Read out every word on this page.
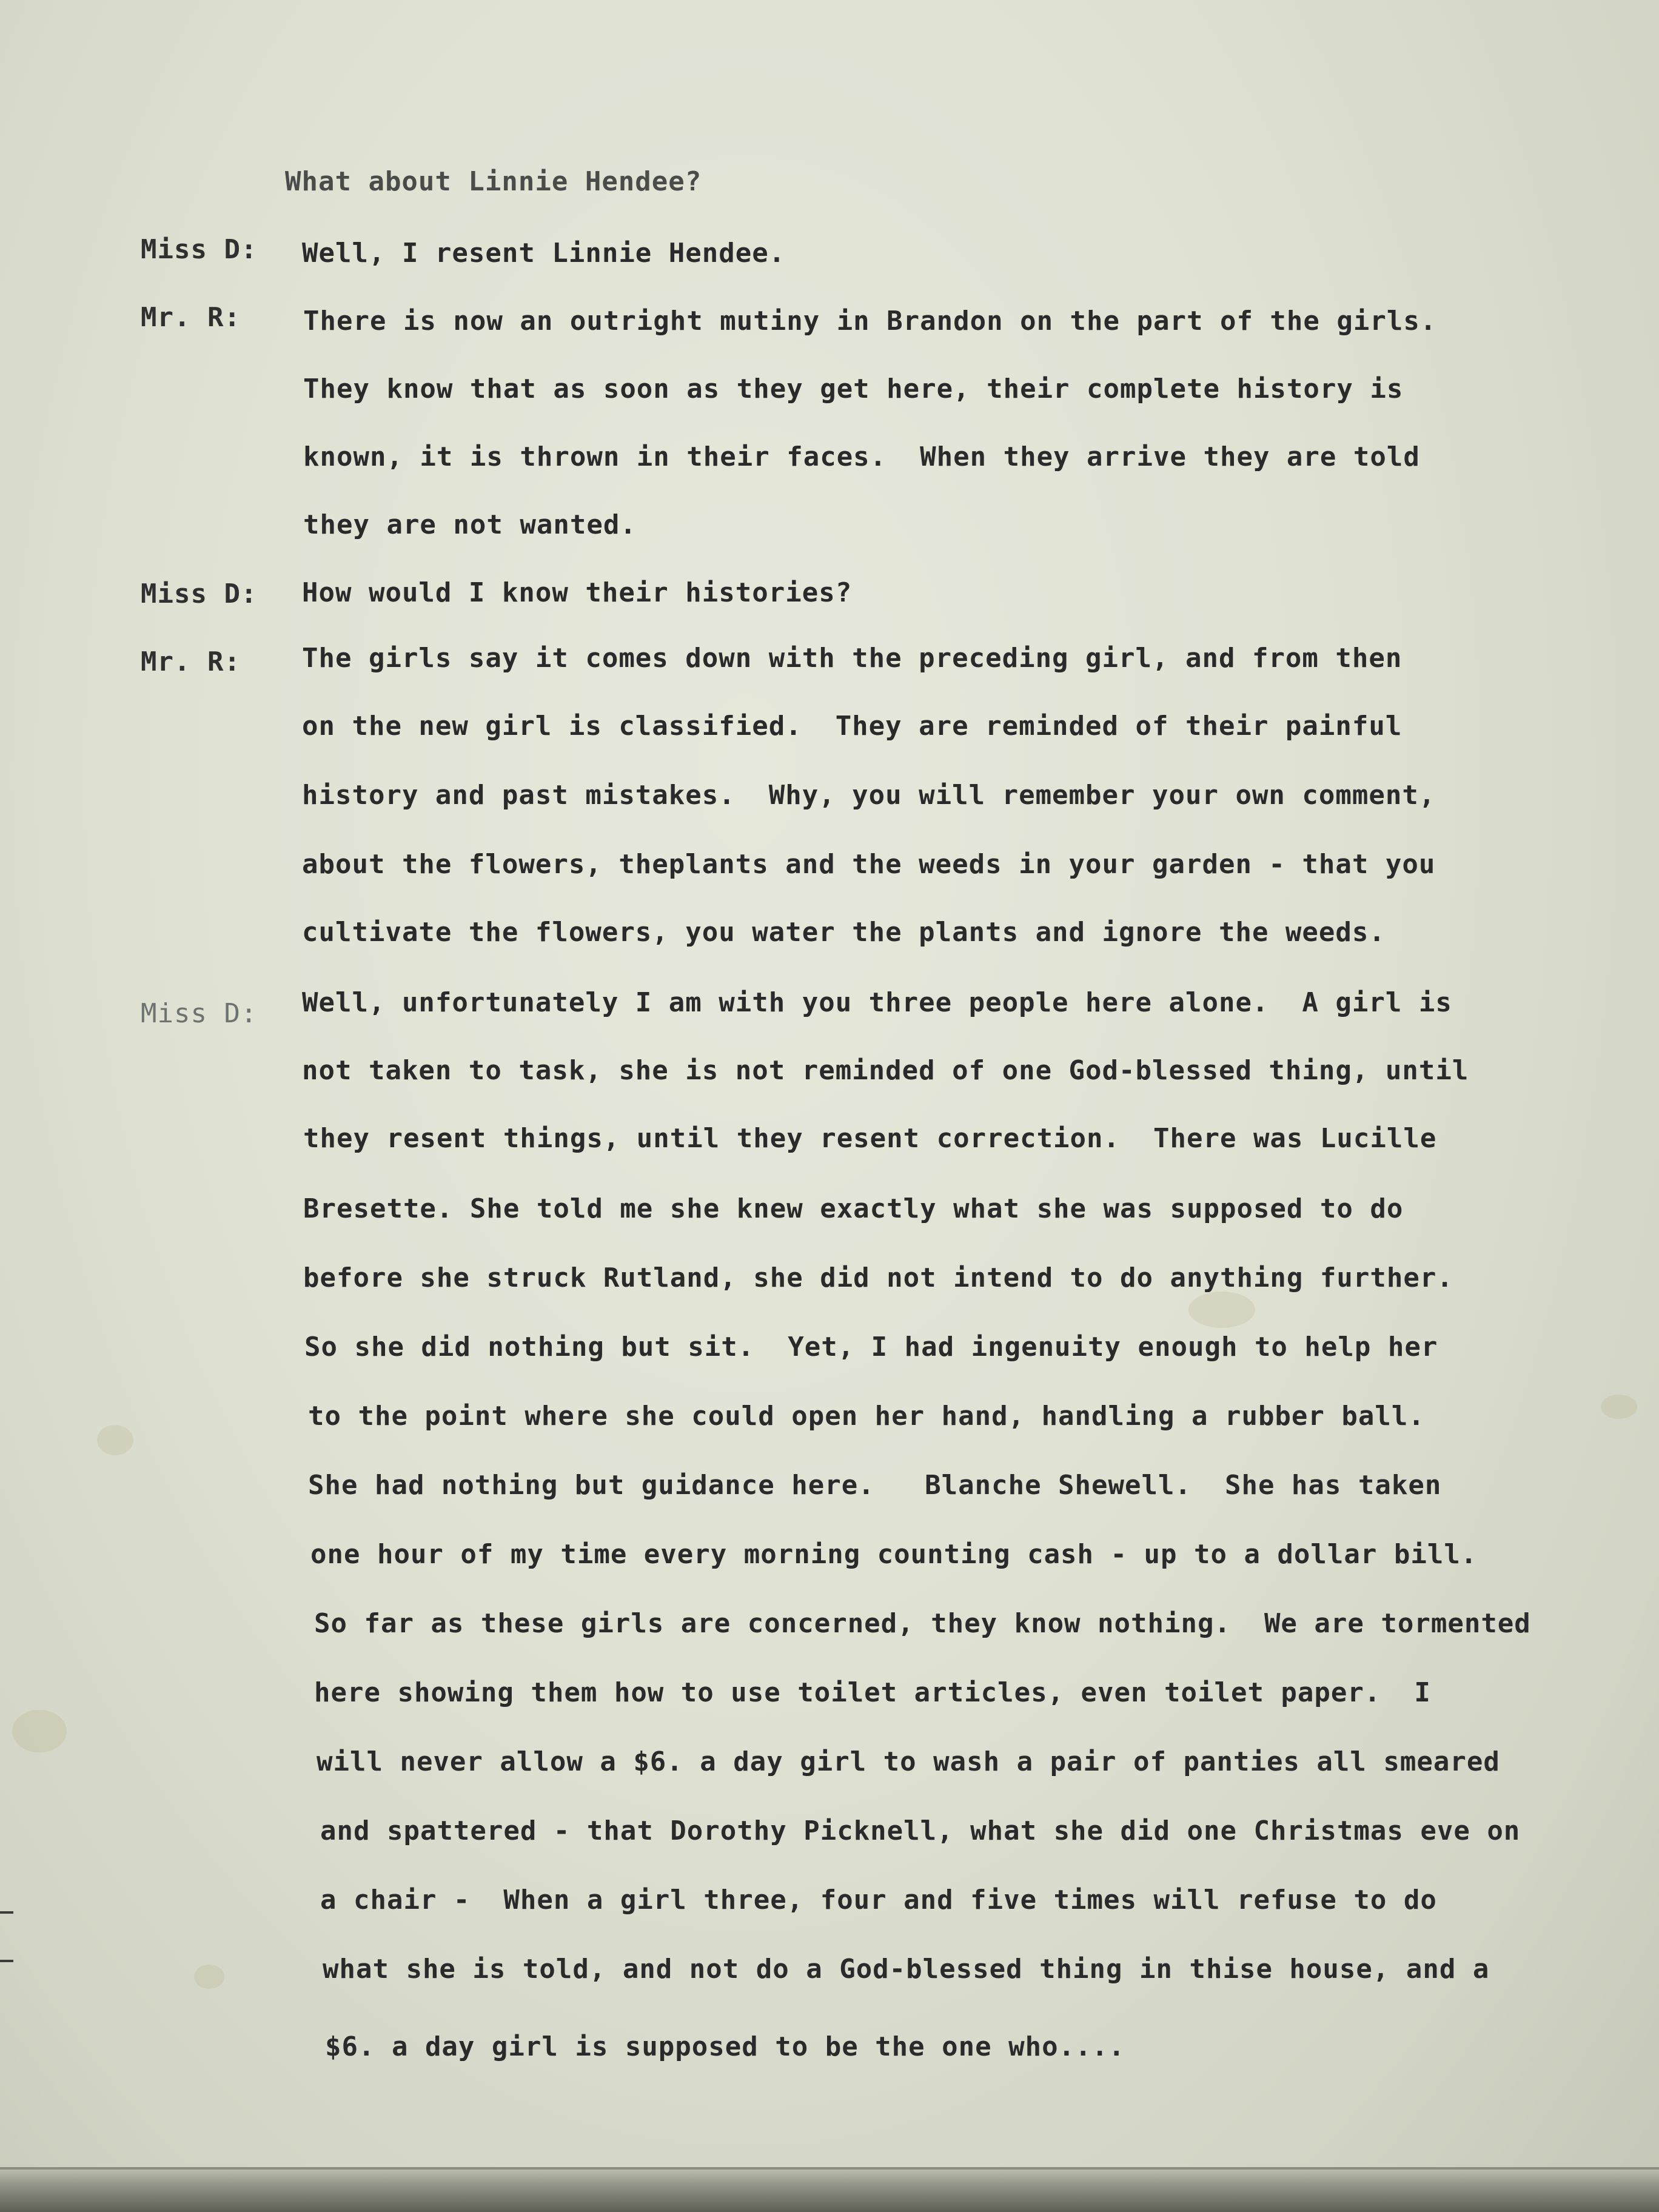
What about Linnie Hendee?
Miss D: Well, I resent Linnie Hendee.
Mr. R: There is now an outright mutiny in Brandon on the part of the girls.
They know that as soon as they get here, their complete history is
known, it is thrown in their faces.  When they arrive they are told
they are not wanted.
Miss D: How would I know their histories?
Mr. R: The girls say it comes down with the preceding girl, and from then
on the new girl is classified.  They are reminded of their painful
history and past mistakes.  Why, you will remember your own comment,
about the flowers, theplants and the weeds in your garden - that you
cultivate the flowers, you water the plants and ignore the weeds.
Miss D: Well, unfortunately I am with you three people here alone.  A girl is
not taken to task, she is not reminded of one God-blessed thing, until
they resent things, until they resent correction.  There was Lucille
Bresette. She told me she knew exactly what she was supposed to do
before she struck Rutland, she did not intend to do anything further.
So she did nothing but sit.  Yet, I had ingenuity enough to help her
to the point where she could open her hand, handling a rubber ball.
She had nothing but guidance here.   Blanche Shewell.  She has taken
one hour of my time every morning counting cash - up to a dollar bill.
So far as these girls are concerned, they know nothing.  We are tormented
here showing them how to use toilet articles, even toilet paper.  I
will never allow a $6. a day girl to wash a pair of panties all smeared
and spattered - that Dorothy Picknell, what she did one Christmas eve on
a chair -  When a girl three, four and five times will refuse to do
what she is told, and not do a God-blessed thing in thise house, and a
$6. a day girl is supposed to be the one who....
